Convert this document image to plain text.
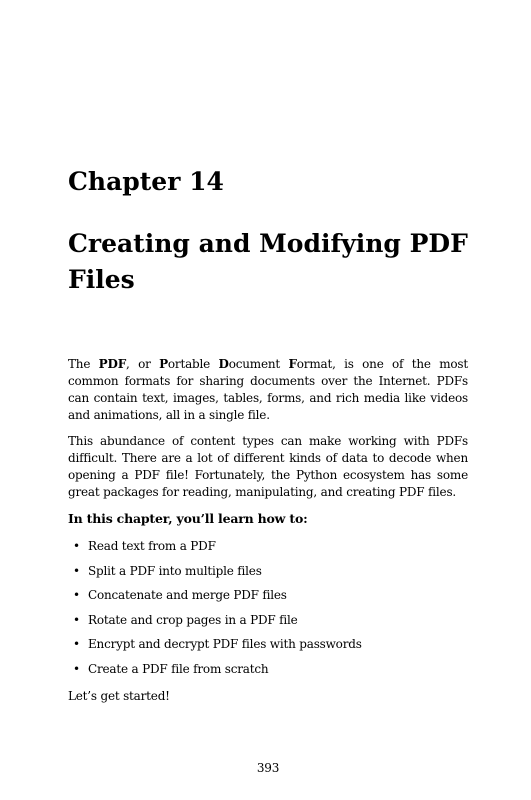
Chapter 14
Creating and Modifying PDF Files

The PDF, or Portable Document Format, is one of the most common formats for sharing documents over the Internet. PDFs can contain text, images, tables, forms, and rich media like videos and animations, all in a single file.

This abundance of content types can make working with PDFs difficult. There are a lot of different kinds of data to decode when opening a PDF file! Fortunately, the Python ecosystem has some great packages for reading, manipulating, and creating PDF files.

In this chapter, you’ll learn how to:

• Read text from a PDF
• Split a PDF into multiple files
• Concatenate and merge PDF files
• Rotate and crop pages in a PDF file
• Encrypt and decrypt PDF files with passwords
• Create a PDF file from scratch

Let’s get started!

393
